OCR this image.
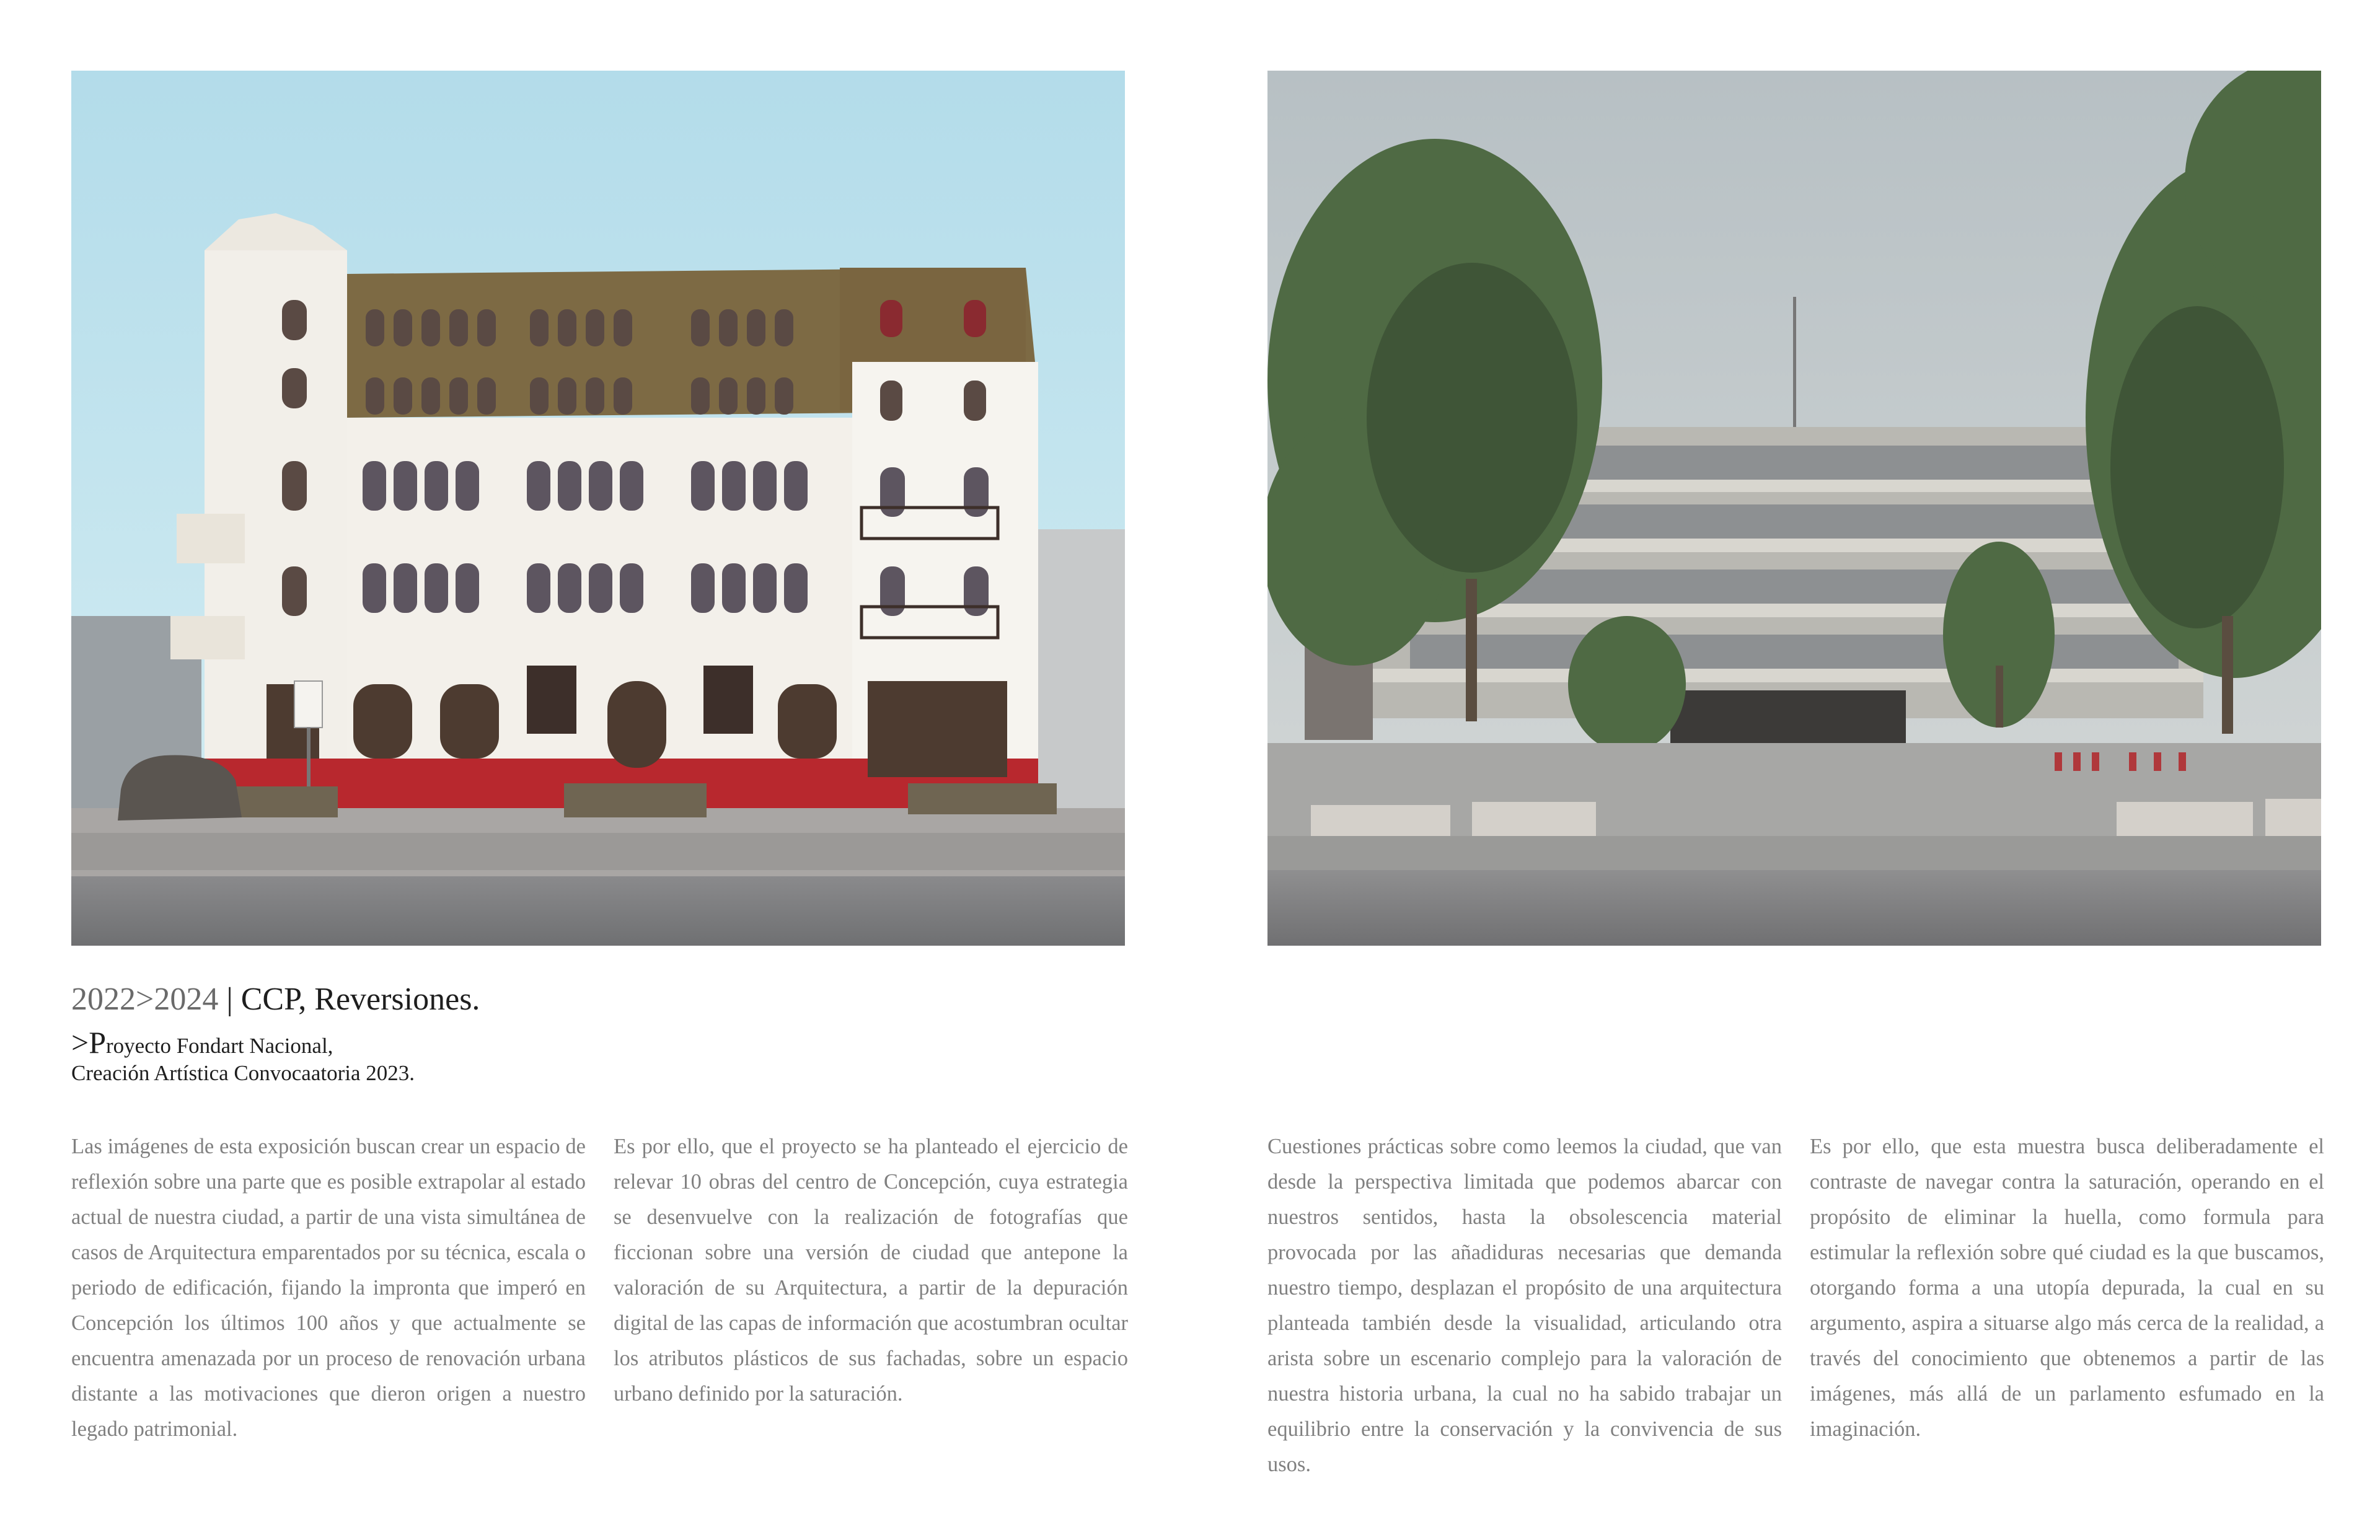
2022>2024 | CCP, Reversiones.
>Proyecto Fondart Nacional,
Creación Artística Convocaatoria 2023.

Las imágenes de esta exposición buscan crear un espacio de reflexión sobre una parte que es posible extrapolar al estado actual de nuestra ciudad, a partir de una vista simultánea de casos de Arquitectura emparentados por su técnica, escala o periodo de edificación, fijando la impronta que imperó en Concepción los últimos 100 años y que actualmente se encuentra amenazada por un proceso de renovación urbana distante a las motivaciones que dieron origen a nuestro legado patrimonial.

Es por ello, que el proyecto se ha planteado el ejercicio de relevar 10 obras del centro de Concepción, cuya estrategia se desenvuelve con la realización de fotografías que ficcionan sobre una versión de ciudad que antepone la valoración de su Arquitectura, a partir de la depuración digital de las capas de información que acostumbran ocultar los atributos plásticos de sus fachadas, sobre un espacio urbano definido por la saturación.

Cuestiones prácticas sobre como leemos la ciudad, que van desde la perspectiva limitada que podemos abarcar con nuestros sentidos, hasta la obsolescencia material provocada por las añadiduras necesarias que demanda nuestro tiempo, desplazan el propósito de una arquitectura planteada también desde la visualidad, articulando otra arista sobre un escenario complejo para la valoración de nuestra historia urbana, la cual no ha sabido trabajar un equilibrio entre la conservación y la convivencia de sus usos.

Es por ello, que esta muestra busca deliberadamente el contraste de navegar contra la saturación, operando en el propósito de eliminar la huella, como formula para estimular la reflexión sobre qué ciudad es la que buscamos, otorgando forma a una utopía depurada, la cual en su argumento, aspira a situarse algo más cerca de la realidad, a través del conocimiento que obtenemos a partir de las imágenes, más allá de un parlamento esfumado en la imaginación.
